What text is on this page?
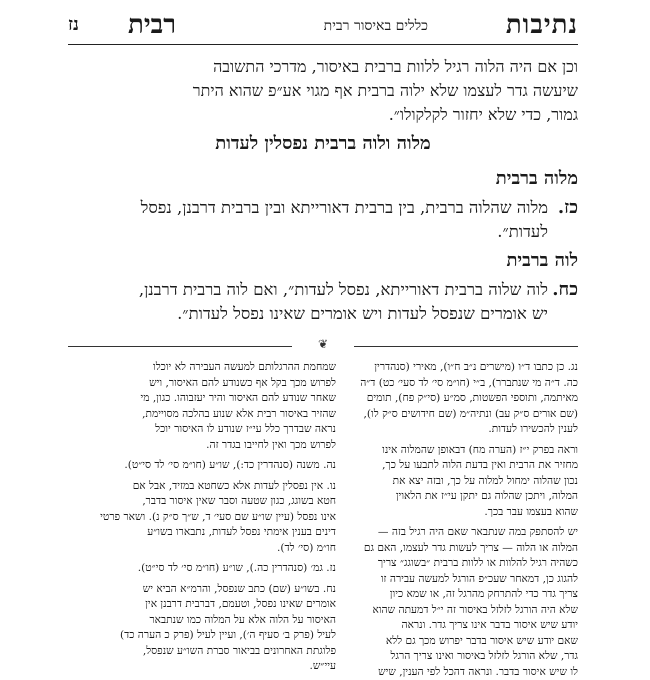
נתיבות
כללים באיסור רבית
רבית
נז
וכן אם היה הלוה רגיל ללוות ברבית באיסור, מדרכי התשובה
שיעשה גדר לעצמו שלא ילוה ברבית אף מגוי אע״פ שהוא היתר
גמור, כדי שלא יחזור לקלקולו״.
מלוה ולוה ברבית נפסלין לעדות
מלוה ברבית
כז.
מלוה שהלוה ברבית, בין ברבית דאורייתא ובין ברבית דרבנן, נפסל
לעדות״.
לוה ברבית
כח.
לוה שלוה ברבית דאורייתא, נפסל לעדות״, ואם לוה ברבית דרבנן,
יש אומרים שנפסל לעדות ויש אומרים שאינו נפסל לעדות״.
❦
נג. כן כתבו ד״ו (מישרים נ״ב ח״ו), מאירי (סנהדרין
כה. ד״ה מי שנתברר), ב״י (חו״מ סי׳ לד סעי׳ כט) ד״ה
מאיתמה, ותוספי הפשטות, סמ״ע (סי״ק פח), תומים
(שם אורים ס״ק עב) ונתיה״מ (שם חידושים ס״ק לו),
לענין להכשירו לעדות.
וראה בפרק י״ז (הערה מח) דבאופן שהמלוה אינו
מחזיר את הרבית ואין בדעת הלוה לתבעו על כך,
נכון שהלוה ימחול למלוה על כך, ובזה יצא את
המלוה, ויתכן שהלוה גם יתקן עי״ז את הלאוין
שהוא בעצמו עבר בכך.
יש להסתפק במה שנתבאר שאם היה רגיל בזה —
המלוה או הלוה — צריך לעשות גדר לעצמו, האם גם
כשהיה רגיל להלוות או ללוות ברבית ״בשוגג״ צריך
להגוג כן, דמאחר שעכ״פ הורגל למעשה עבירה זו
צריך גדר כדי להתרחק מהרגל זה, או שמא כיון
שלא היה הורגל לזלזל באיסור זה י״ל דמעתה שהוא
יודע שיש איסור בדבר אינו צריך גדר. ונראה
שאם יודע שיש איסור בדבר יפרוש מכך גם ללא
גדר, שלא הורגל לזלזל באיסור ואינו צריך הרגל
לו שיש איסור בדבר. ונראה דהכל לפי הענין, שיש
שמחמת ההרגלותם למעשה העבירה לא יוכלו
לפרוש מכך בקל אף כשנודע להם האיסור, ויש
שאחר שנודע להם האיסור והיר יעזבוהו. כגון, מי
שהזיר באיסור רבית אלא שנוע בהלכה מסויימת,
נראה שבדרך כלל עי״ז שנודע לו האיסור יוכל
לפרוש מכך ואין לחייבו בגדר זה.
נה. משנה (סנהדרין כד:), שו״ע (חו״מ סי׳ לד סי״ט).
נו. אין נפסלין לעדות אלא כשחטא במזיד, אבל אם
חטא בשוגג, כגון שטעה וסבר שאין איסור בדבר,
אינו נפסל (עיין שו״ע שם סעי׳ ד, ש״ך ס״ק נ). ושאר פרטי
דינים בענין אימתי נפסל לעדות, נתבארו בשו״ע
חו״מ (סי׳ לד).
נז. גמ׳ (סנהדרין כה.), שו״ע (חו״מ סי׳ לד סי״ט).
נח. בשו״ע (שם) כתב שנפסל, והרמ״א הביא יש
אומרים שאינו נפסל, וטעמם, דברבית דרבנן אין
האיסור על הלוה אלא על המלוה כמו שנתבאר
לעיל (פרק ב׳ סעיף ה׳), ועיין לעיל (פרק כ הערה כד)
פלוגתת האחרונים בביאור סברת השו״ע שנפסל,
עיי״ש.
